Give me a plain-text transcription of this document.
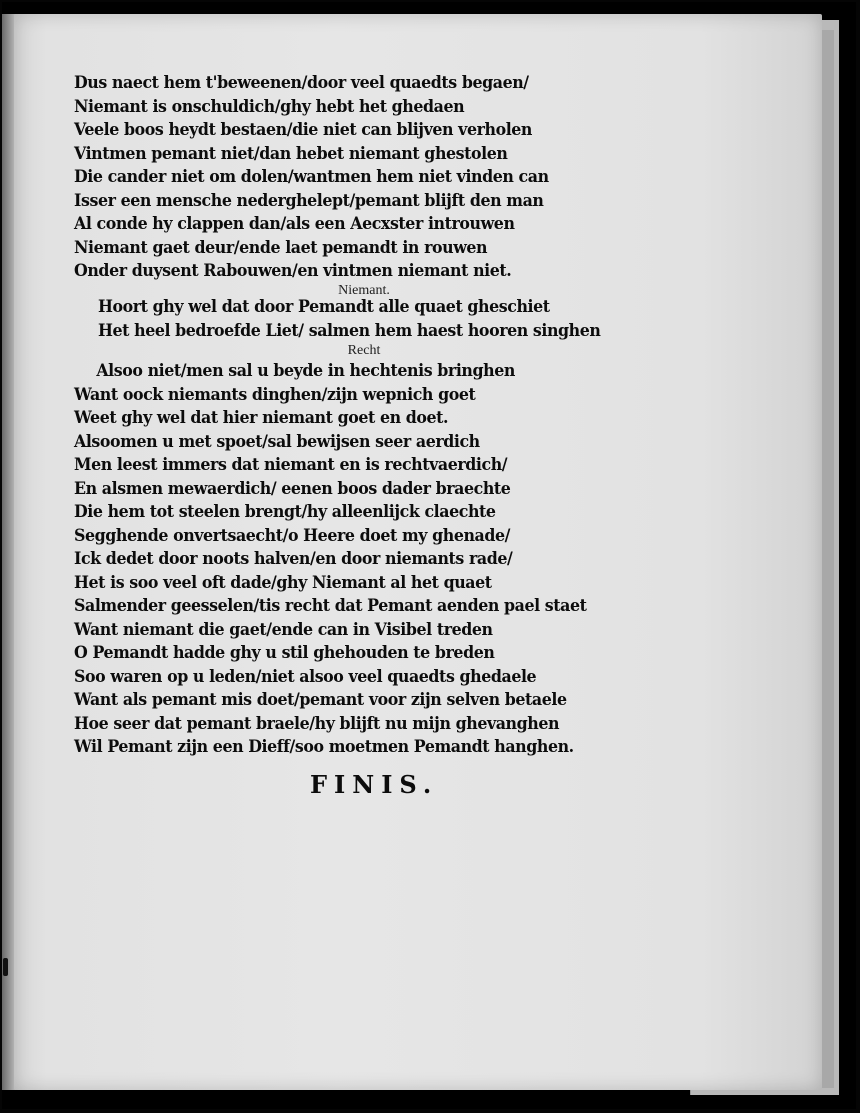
Dus naect hem t'beweenen/door veel quaedts begaen/
Niemant is onschuldich/ghy hebt het ghedaen
Veele boos heydt bestaen/die niet can blijven verholen
Vintmen pemant niet/dan hebet niemant ghestolen
Die cander niet om dolen/wantmen hem niet vinden can
Isser een mensche nederghelept/pemant blijft den man
Al conde hy clappen dan/als een Aecxster introuwen
Niemant gaet deur/ende laet pemandt in rouwen
Onder duysent Rabouwen/en vintmen niemant niet.
Niemant.
Hoort ghy wel dat door Pemandt alle quaet gheschiet
Het heel bedroefde Liet/ salmen hem haest hooren singhen
Recht
Alsoo niet/men sal u beyde in hechtenis bringhen
Want oock niemants dinghen/zijn wepnich goet
Weet ghy wel dat hier niemant goet en doet.
Alsoomen u met spoet/sal bewijsen seer aerdich
Men leest immers dat niemant en is rechtvaerdich/
En alsmen mewaerdich/ eenen boos dader braechte
Die hem tot steelen brengt/hy alleenlijck claechte
Segghende onvertsaecht/o Heere doet my ghenade/
Ick dedet door noots halven/en door niemants rade/
Het is soo veel oft dade/ghy Niemant al het quaet
Salmender geesselen/tis recht dat Pemant aenden pael staet
Want niemant die gaet/ende can in Visibel treden
O Pemandt hadde ghy u stil ghehouden te breden
Soo waren op u leden/niet alsoo veel quaedts ghedaele
Want als pemant mis doet/pemant voor zijn selven betaele
Hoe seer dat pemant braele/hy blijft nu mijn ghevanghen
Wil Pemant zijn een Dieff/soo moetmen Pemandt hanghen.
FINIS.
